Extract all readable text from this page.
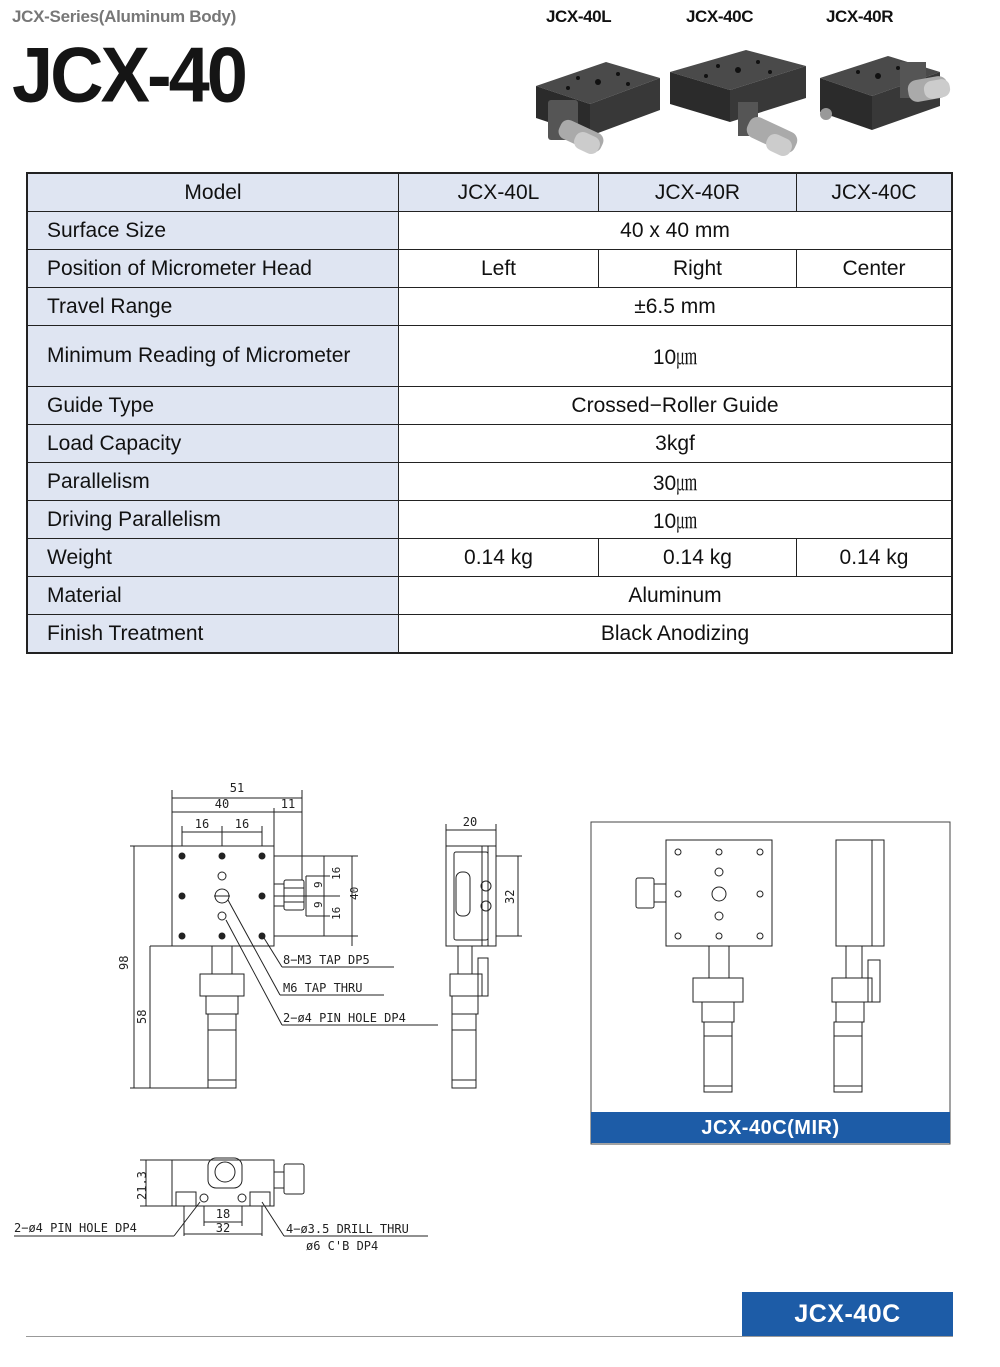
JCX-Series(Aluminum Body)
JCX-40
JCX-40L	JCX-40C	JCX-40R
Model	JCX-40L	JCX-40R	JCX-40C
Surface Size	40 x 40 mm		
Position of Micrometer Head	Left	Right	Center
Travel Range	±6.5 mm		
Minimum Reading of Micrometer	10㎛		
Guide Type	Crossed−Roller Guide		
Load Capacity	3kgf		
Parallelism	30㎛		
Driving Parallelism	10㎛		
Weight	0.14 kg	0.14 kg	0.14 kg
Material	Aluminum		
Finish Treatment	Black Anodizing		
51
40	11
16 16
9
9
16
16
40
98
58
8−M3 TAP DP5
M6 TAP THRU
2−ø4 PIN HOLE DP4
20
32
21.3
18
32
2−ø4 PIN HOLE DP4	4−ø3.5 DRILL THRU
ø6 C'B DP4
JCX-40C(MIR)
JCX-40C
